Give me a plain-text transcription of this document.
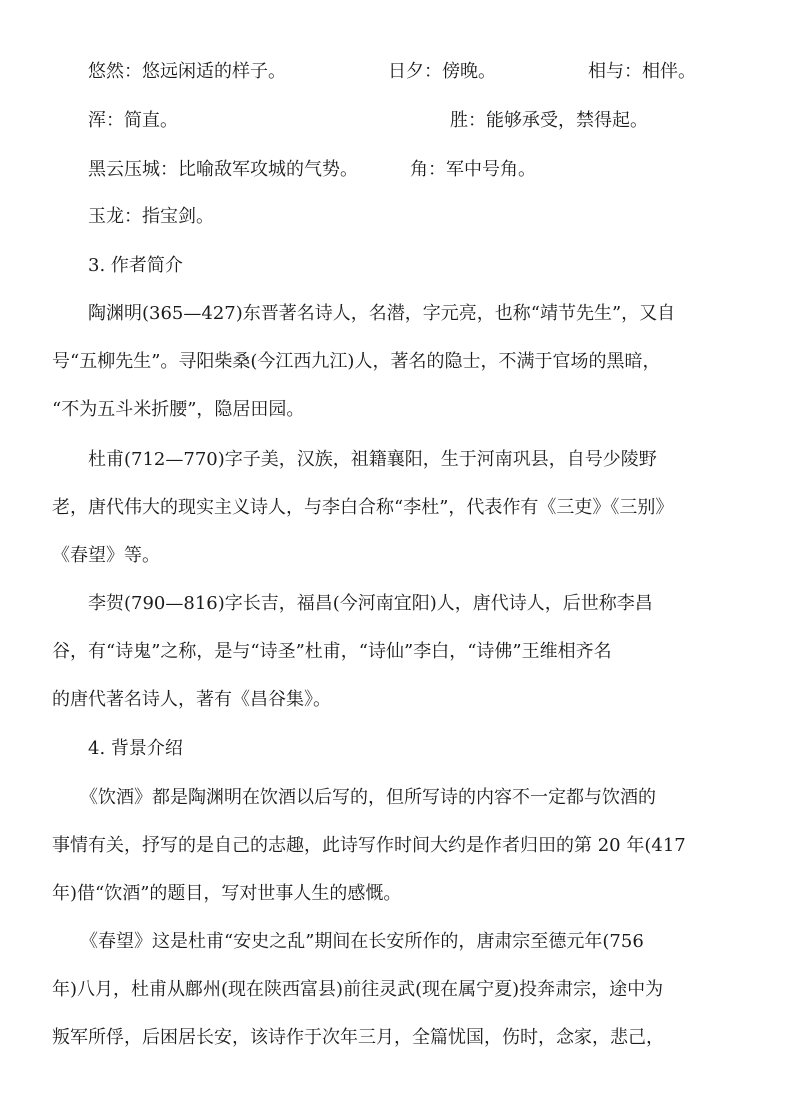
悠然：悠远闲适的样子。	日夕：傍晚。	相与：相伴。
浑：简直。	胜：能够承受，禁得起。
黑云压城：比喻敌军攻城的气势。	角：军中号角。
玉龙：指宝剑。
3. 作者简介
陶渊明(365—427)东晋著名诗人，名潜，字元亮，也称“靖节先生”，又自
号“五柳先生”。寻阳柴桑(今江西九江)人，著名的隐士，不满于官场的黑暗，
“不为五斗米折腰”，隐居田园。
杜甫(712—770)字子美，汉族，祖籍襄阳，生于河南巩县，自号少陵野
老，唐代伟大的现实主义诗人，与李白合称“李杜”，代表作有《三吏》《三别》
《春望》等。
李贺(790—816)字长吉，福昌(今河南宜阳)人，唐代诗人，后世称李昌
谷，有“诗鬼”之称，是与“诗圣”杜甫，“诗仙”李白，“诗佛”王维相齐名
的唐代著名诗人，著有《昌谷集》。
4. 背景介绍
《饮酒》都是陶渊明在饮酒以后写的，但所写诗的内容不一定都与饮酒的
事情有关，抒写的是自己的志趣，此诗写作时间大约是作者归田的第 20 年(417
年)借“饮酒”的题目，写对世事人生的感慨。
《春望》这是杜甫“安史之乱”期间在长安所作的，唐肃宗至德元年(756
年)八月，杜甫从鄜州(现在陕西富县)前往灵武(现在属宁夏)投奔肃宗，途中为
叛军所俘，后困居长安，该诗作于次年三月，全篇忧国，伤时，念家，悲己，
